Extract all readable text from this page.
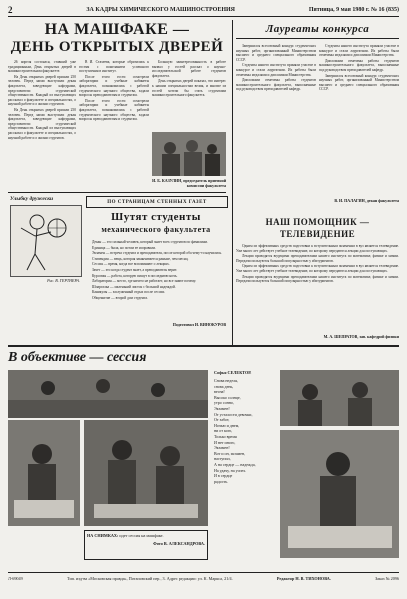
2	ЗА КАДРЫ ХИМИЧЕСКОГО МАШИНОСТРОЕНИЯ	Пятница, 9 мая 1980 г. № 16 (835)
НА МАШФАКЕ —
ДЕНЬ ОТКРЫТЫХ ДВЕРЕЙ

26 апреля состоялся, ставший уже традиционным, День открытых дверей в машиностроительном факультете.

На День открытых дверей пришли 250 человек. Перед ними выступили декан факультета, заведующие кафедрами, представители студенческой общественности. Каждый из выступающих рассказал о факультете и специальностях, о научной работе и о жизни студентов.

На День открытых дверей пришли 250 человек. Перед ними выступили декан факультета, заведующие кафедрами, представители студенческой общественности. Каждый из выступающих рассказал о факультете и специальностях, о научной работе и о жизни студентов.

В И. Стахеева, которые обратились к гостям с пожеланием успешного поступления в институт.

После этого гости осмотрели лаборатории и учебные кабинеты факультета, познакомились с работой студенческого научного общества, задали вопросы преподавателям и студентам.

После этого гости осмотрели лаборатории и учебные кабинеты факультета, познакомились с работой студенческого научного общества, задали вопросы преподавателям и студентам.

Большую заинтересованность в работе вызвал у гостей рассказ о научно-исследовательской работе студентов факультета.

День открытых дверей показал, что интерес к нашим специальностям велик, и многие из гостей хотели бы стать студентами машиностроительного факультета.

И. Б. КАЗУЛИН, председатель приемной комиссии факультета
Улыбку дружески
Рис. В. ГЕРТНЕРА.
ПО СТРАНИЦАМ СТЕННЫХ ГАЗЕТ
Шутят студенты
механического факультета

Декан — это сильный человек, который знает всех студентов по фамилиям.

Единица — была, но потом ее исправили.

Экзамен — встреча студента и преподавателя, после которой оба чему-то научились.

Стипендия — вещь, которая заканчивается раньше, чем месяц.

Сессия — время, когда все вспоминают о лекциях.

Зачет — это когда студент знает, а преподаватель верит.

Курсовая — работа, которую пишут в последнюю ночь.

Лаборатория — место, где ничего не работает, но все знают почему.

Шпаргалка — маленький листок с большой надеждой.

Каникулы — заслуженный отдых после сессии.

Общежитие — второй дом студента.

Подготовил И. ВИНОКУРОВ
Лауреаты конкурса

Завершился всесоюзный конкурс студенческих научных работ, организованный Министерством высшего и среднего специального образования СССР.

Студенты нашего института приняли участие в конкурсе и стали лауреатами. Их работы были отмечены медалями и дипломами Министерства.

Дипломами отмечены работы студентов машиностроительного факультета, выполненные под руководством преподавателей кафедр.

Студенты нашего института приняли участие в конкурсе и стали лауреатами. Их работы были отмечены медалями и дипломами Министерства.

Дипломами отмечены работы студентов машиностроительного факультета, выполненные под руководством преподавателей кафедр.

Завершился всесоюзный конкурс студенческих научных работ, организованный Министерством высшего и среднего специального образования СССР.

В. И. ПАЛАГИН, декан факультета
НАШ ПОМОЩНИК —
ТЕЛЕВИДЕНИЕ

Одним из эффективных средств подготовки к вступительным экзаменам в вуз является телевидение. Уже много лет действует учебное телевидение, по которому передаются лекции для поступающих.

Лекции проводятся ведущими преподавателями нашего института по математике, физике и химии. Передачи пользуются большой популярностью у абитуриентов.

Одним из эффективных средств подготовки к вступительным экзаменам в вуз является телевидение. Уже много лет действует учебное телевидение, по которому передаются лекции для поступающих.

Лекции проводятся ведущими преподавателями нашего института по математике, физике и химии. Передачи пользуются большой популярностью у абитуриентов.

М. А. ШЕПРАТОВ, зав. кафедрой физики
В объективе — сессия
НА СНИМКАХ: идет сессия на машфаке.
Фото В. АЛЕКСАНДРОВА.
Софья СЕЛЕКТОР.
Снова неделя,
снова день,
весна!
Высоко солнце,
утро сонно,
Экзамен!
От усталости девочки,
От забот,
Ночью и днем,
ни от кого,
Только время
И нет иного,
Экзамен!
Вот и он, экзамен,
наступил,
А на сердце — надежда,
На удачу, на успех.
И в сердце
радость.
Л-69049	Тип. изд-ва «Московская правда», Потаповский пер., 3. Адрес редакции: ул. К. Маркса, 21/4.	Редактор Н. В. ТИХОНОВА.	Заказ № 2096
